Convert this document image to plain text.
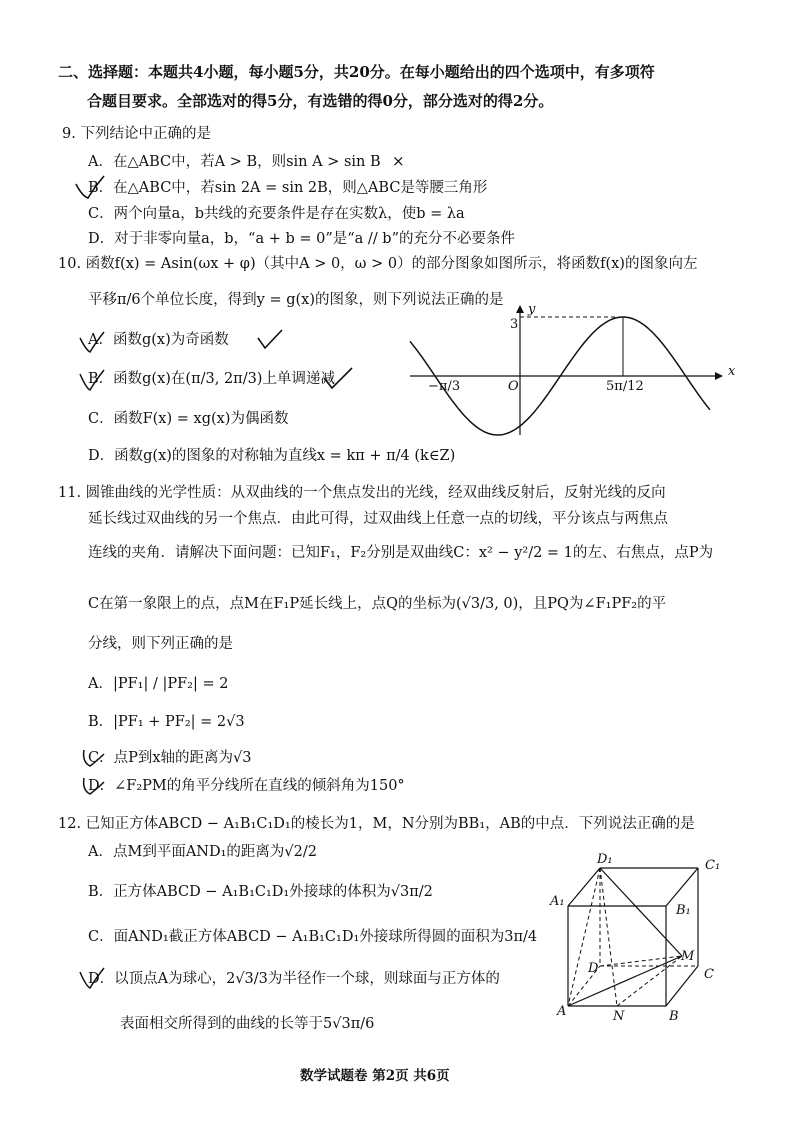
二、选择题：本题共4小题，每小题5分，共20分。在每小题给出的四个选项中，有多项符
合题目要求。全部选对的得5分，有选错的得0分，部分选对的得2分。
9. 下列结论中正确的是
A．在△ABC中，若A > B，则sin A > sin B ×
B．在△ABC中，若sin 2A = sin 2B，则△ABC是等腰三角形
C．两个向量a，b共线的充要条件是存在实数λ，使b = λa
D．对于非零向量a，b，“a + b = 0”是“a // b”的充分不必要条件
10. 函数f(x) = Asin(ωx + φ)（其中A > 0，ω > 0）的部分图象如图所示，将函数f(x)的图象向左
平移π/6个单位长度，得到y = g(x)的图象，则下列说法正确的是
A．函数g(x)为奇函数
B．函数g(x)在(π/3, 2π/3)上单调递减
C．函数F(x) = xg(x)为偶函数
D．函数g(x)的图象的对称轴为直线x = kπ + π/4 (k∈Z)
x
y
3
O
−π/3	5π/12
11. 圆锥曲线的光学性质：从双曲线的一个焦点发出的光线，经双曲线反射后，反射光线的反向
延长线过双曲线的另一个焦点．由此可得，过双曲线上任意一点的切线，平分该点与两焦点
连线的夹角．请解决下面问题：已知F₁，F₂分别是双曲线C：x² − y²/2 = 1的左、右焦点，点P为
C在第一象限上的点，点M在F₁P延长线上，点Q的坐标为(√3/3, 0)，且PQ为∠F₁PF₂的平
分线，则下列正确的是
A．|PF₁| / |PF₂| = 2
B．|PF₁ + PF₂| = 2√3
C．点P到x轴的距离为√3
D．∠F₂PM的角平分线所在直线的倾斜角为150°
12. 已知正方体ABCD − A₁B₁C₁D₁的棱长为1，M，N分别为BB₁，AB的中点．下列说法正确的是
A．点M到平面AND₁的距离为√2/2
B．正方体ABCD − A₁B₁C₁D₁外接球的体积为√3π/2
C．面AND₁截正方体ABCD − A₁B₁C₁D₁外接球所得圆的面积为3π/4
D．以顶点A为球心，2√3/3为半径作一个球，则球面与正方体的
表面相交所得到的曲线的长等于5√3π/6
D₁	C₁
A₁
B₁
D
M
C
A	N	B
数学试题卷 第2页 共6页
